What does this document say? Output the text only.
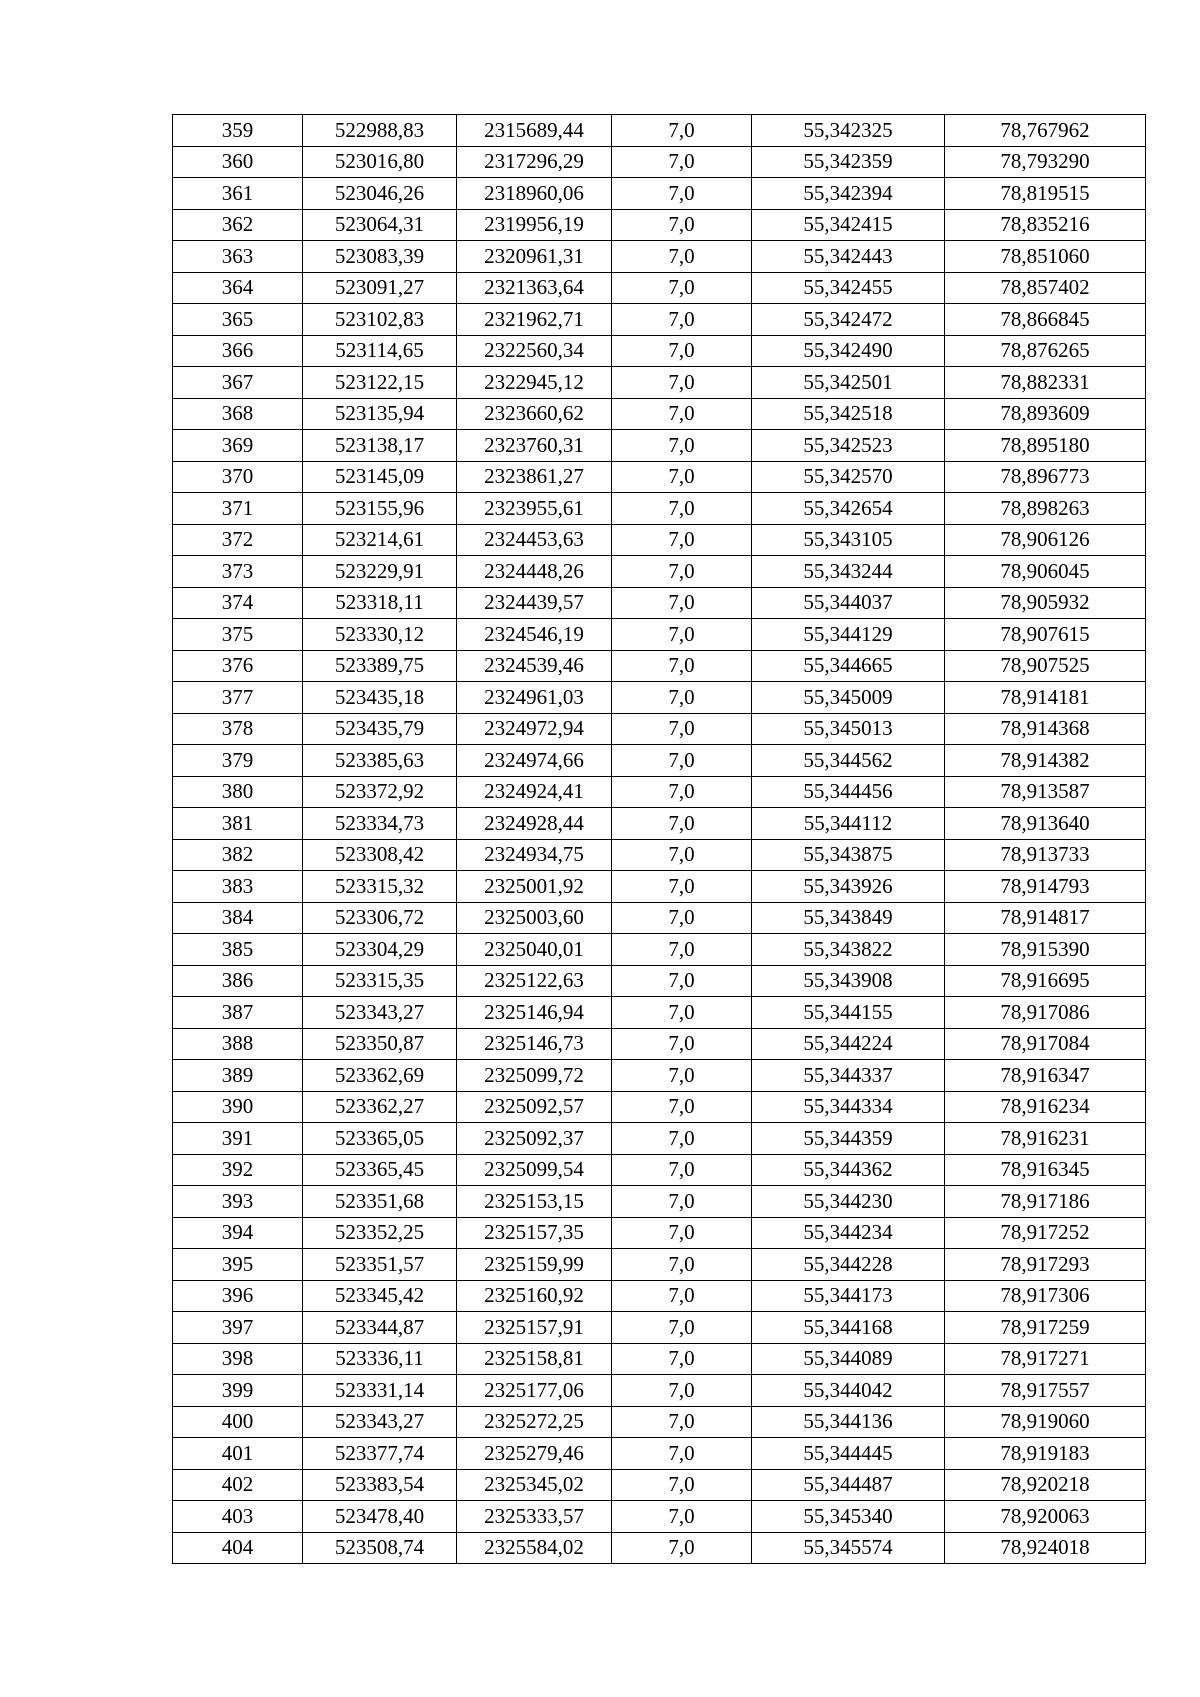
359	522988,83	2315689,44	7,0	55,342325	78,767962
360	523016,80	2317296,29	7,0	55,342359	78,793290
361	523046,26	2318960,06	7,0	55,342394	78,819515
362	523064,31	2319956,19	7,0	55,342415	78,835216
363	523083,39	2320961,31	7,0	55,342443	78,851060
364	523091,27	2321363,64	7,0	55,342455	78,857402
365	523102,83	2321962,71	7,0	55,342472	78,866845
366	523114,65	2322560,34	7,0	55,342490	78,876265
367	523122,15	2322945,12	7,0	55,342501	78,882331
368	523135,94	2323660,62	7,0	55,342518	78,893609
369	523138,17	2323760,31	7,0	55,342523	78,895180
370	523145,09	2323861,27	7,0	55,342570	78,896773
371	523155,96	2323955,61	7,0	55,342654	78,898263
372	523214,61	2324453,63	7,0	55,343105	78,906126
373	523229,91	2324448,26	7,0	55,343244	78,906045
374	523318,11	2324439,57	7,0	55,344037	78,905932
375	523330,12	2324546,19	7,0	55,344129	78,907615
376	523389,75	2324539,46	7,0	55,344665	78,907525
377	523435,18	2324961,03	7,0	55,345009	78,914181
378	523435,79	2324972,94	7,0	55,345013	78,914368
379	523385,63	2324974,66	7,0	55,344562	78,914382
380	523372,92	2324924,41	7,0	55,344456	78,913587
381	523334,73	2324928,44	7,0	55,344112	78,913640
382	523308,42	2324934,75	7,0	55,343875	78,913733
383	523315,32	2325001,92	7,0	55,343926	78,914793
384	523306,72	2325003,60	7,0	55,343849	78,914817
385	523304,29	2325040,01	7,0	55,343822	78,915390
386	523315,35	2325122,63	7,0	55,343908	78,916695
387	523343,27	2325146,94	7,0	55,344155	78,917086
388	523350,87	2325146,73	7,0	55,344224	78,917084
389	523362,69	2325099,72	7,0	55,344337	78,916347
390	523362,27	2325092,57	7,0	55,344334	78,916234
391	523365,05	2325092,37	7,0	55,344359	78,916231
392	523365,45	2325099,54	7,0	55,344362	78,916345
393	523351,68	2325153,15	7,0	55,344230	78,917186
394	523352,25	2325157,35	7,0	55,344234	78,917252
395	523351,57	2325159,99	7,0	55,344228	78,917293
396	523345,42	2325160,92	7,0	55,344173	78,917306
397	523344,87	2325157,91	7,0	55,344168	78,917259
398	523336,11	2325158,81	7,0	55,344089	78,917271
399	523331,14	2325177,06	7,0	55,344042	78,917557
400	523343,27	2325272,25	7,0	55,344136	78,919060
401	523377,74	2325279,46	7,0	55,344445	78,919183
402	523383,54	2325345,02	7,0	55,344487	78,920218
403	523478,40	2325333,57	7,0	55,345340	78,920063
404	523508,74	2325584,02	7,0	55,345574	78,924018
